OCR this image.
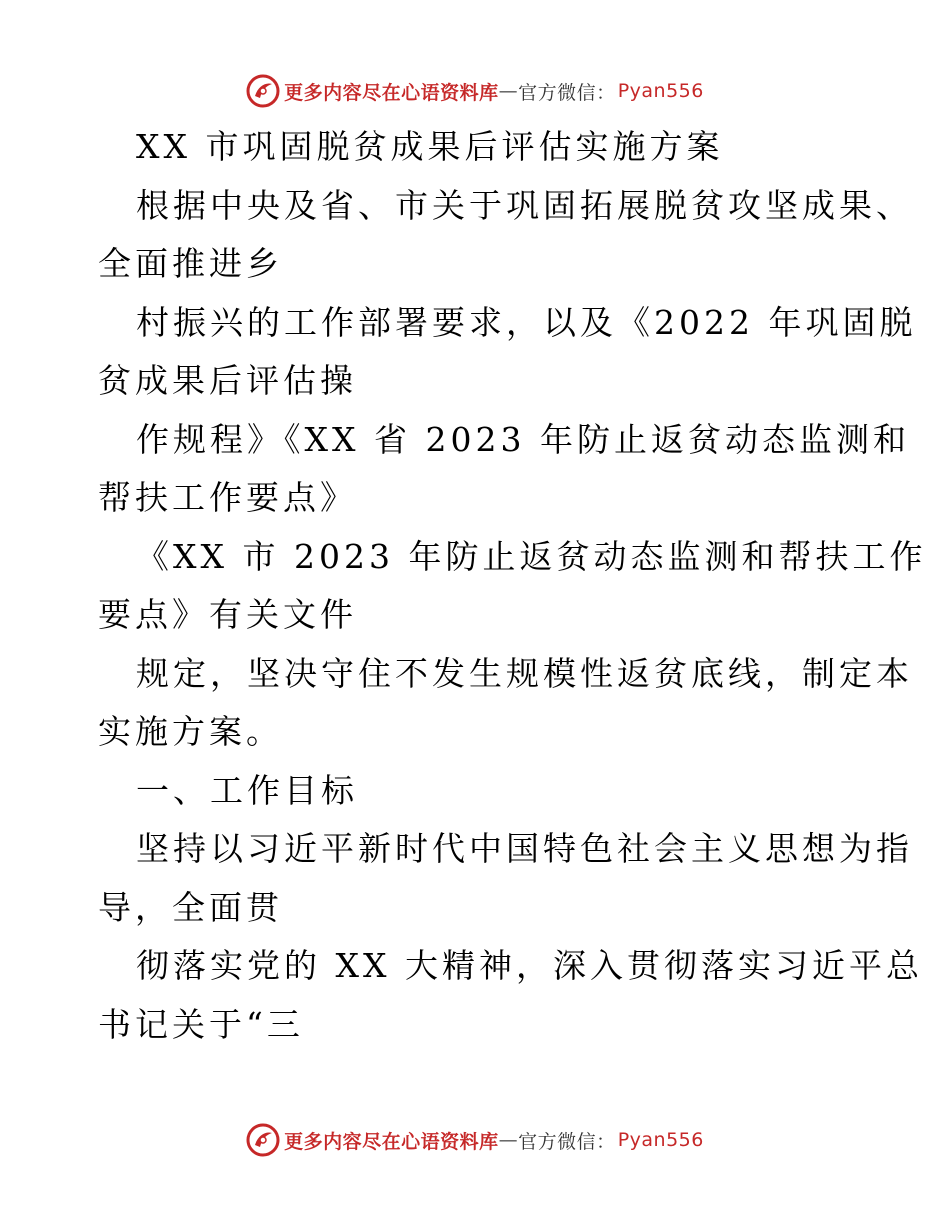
更多内容尽在心语资料库 — 官方微信： Pyan556
XX 市巩固脱贫成果后评估实施方案
根据中央及省、市关于巩固拓展脱贫攻坚成果、
全面推进乡
村振兴的工作部署要求，以及《2022 年巩固脱
贫成果后评估操
作规程》《XX 省 2023 年防止返贫动态监测和
帮扶工作要点》
《XX 市 2023 年防止返贫动态监测和帮扶工作
要点》有关文件
规定，坚决守住不发生规模性返贫底线，制定本
实施方案。
一、工作目标
坚持以习近平新时代中国特色社会主义思想为指
导，全面贯
彻落实党的 XX 大精神，深入贯彻落实习近平总
书记关于“三
更多内容尽在心语资料库 — 官方微信： Pyan556
